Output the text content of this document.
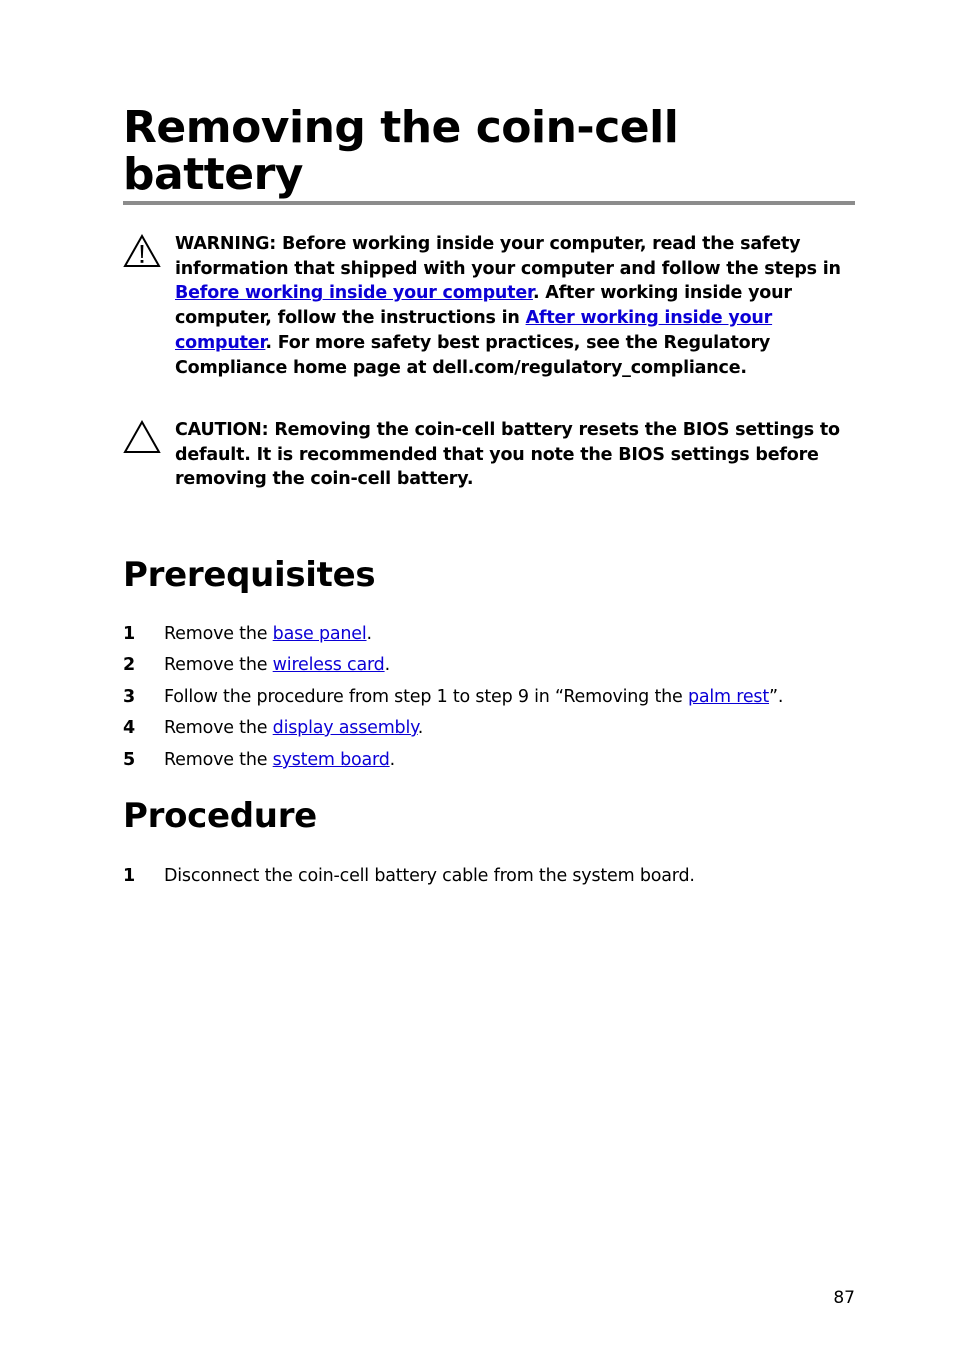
Removing the coin-cell battery
WARNING: Before working inside your computer, read the safety information that shipped with your computer and follow the steps in Before working inside your computer. After working inside your computer, follow the instructions in After working inside your computer. For more safety best practices, see the Regulatory Compliance home page at dell.com/regulatory_compliance.
CAUTION: Removing the coin-cell battery resets the BIOS settings to default. It is recommended that you note the BIOS settings before removing the coin-cell battery.
Prerequisites
1 Remove the base panel.
2 Remove the wireless card.
3 Follow the procedure from step 1 to step 9 in “Removing the palm rest”.
4 Remove the display assembly.
5 Remove the system board.
Procedure
1 Disconnect the coin-cell battery cable from the system board.
87
